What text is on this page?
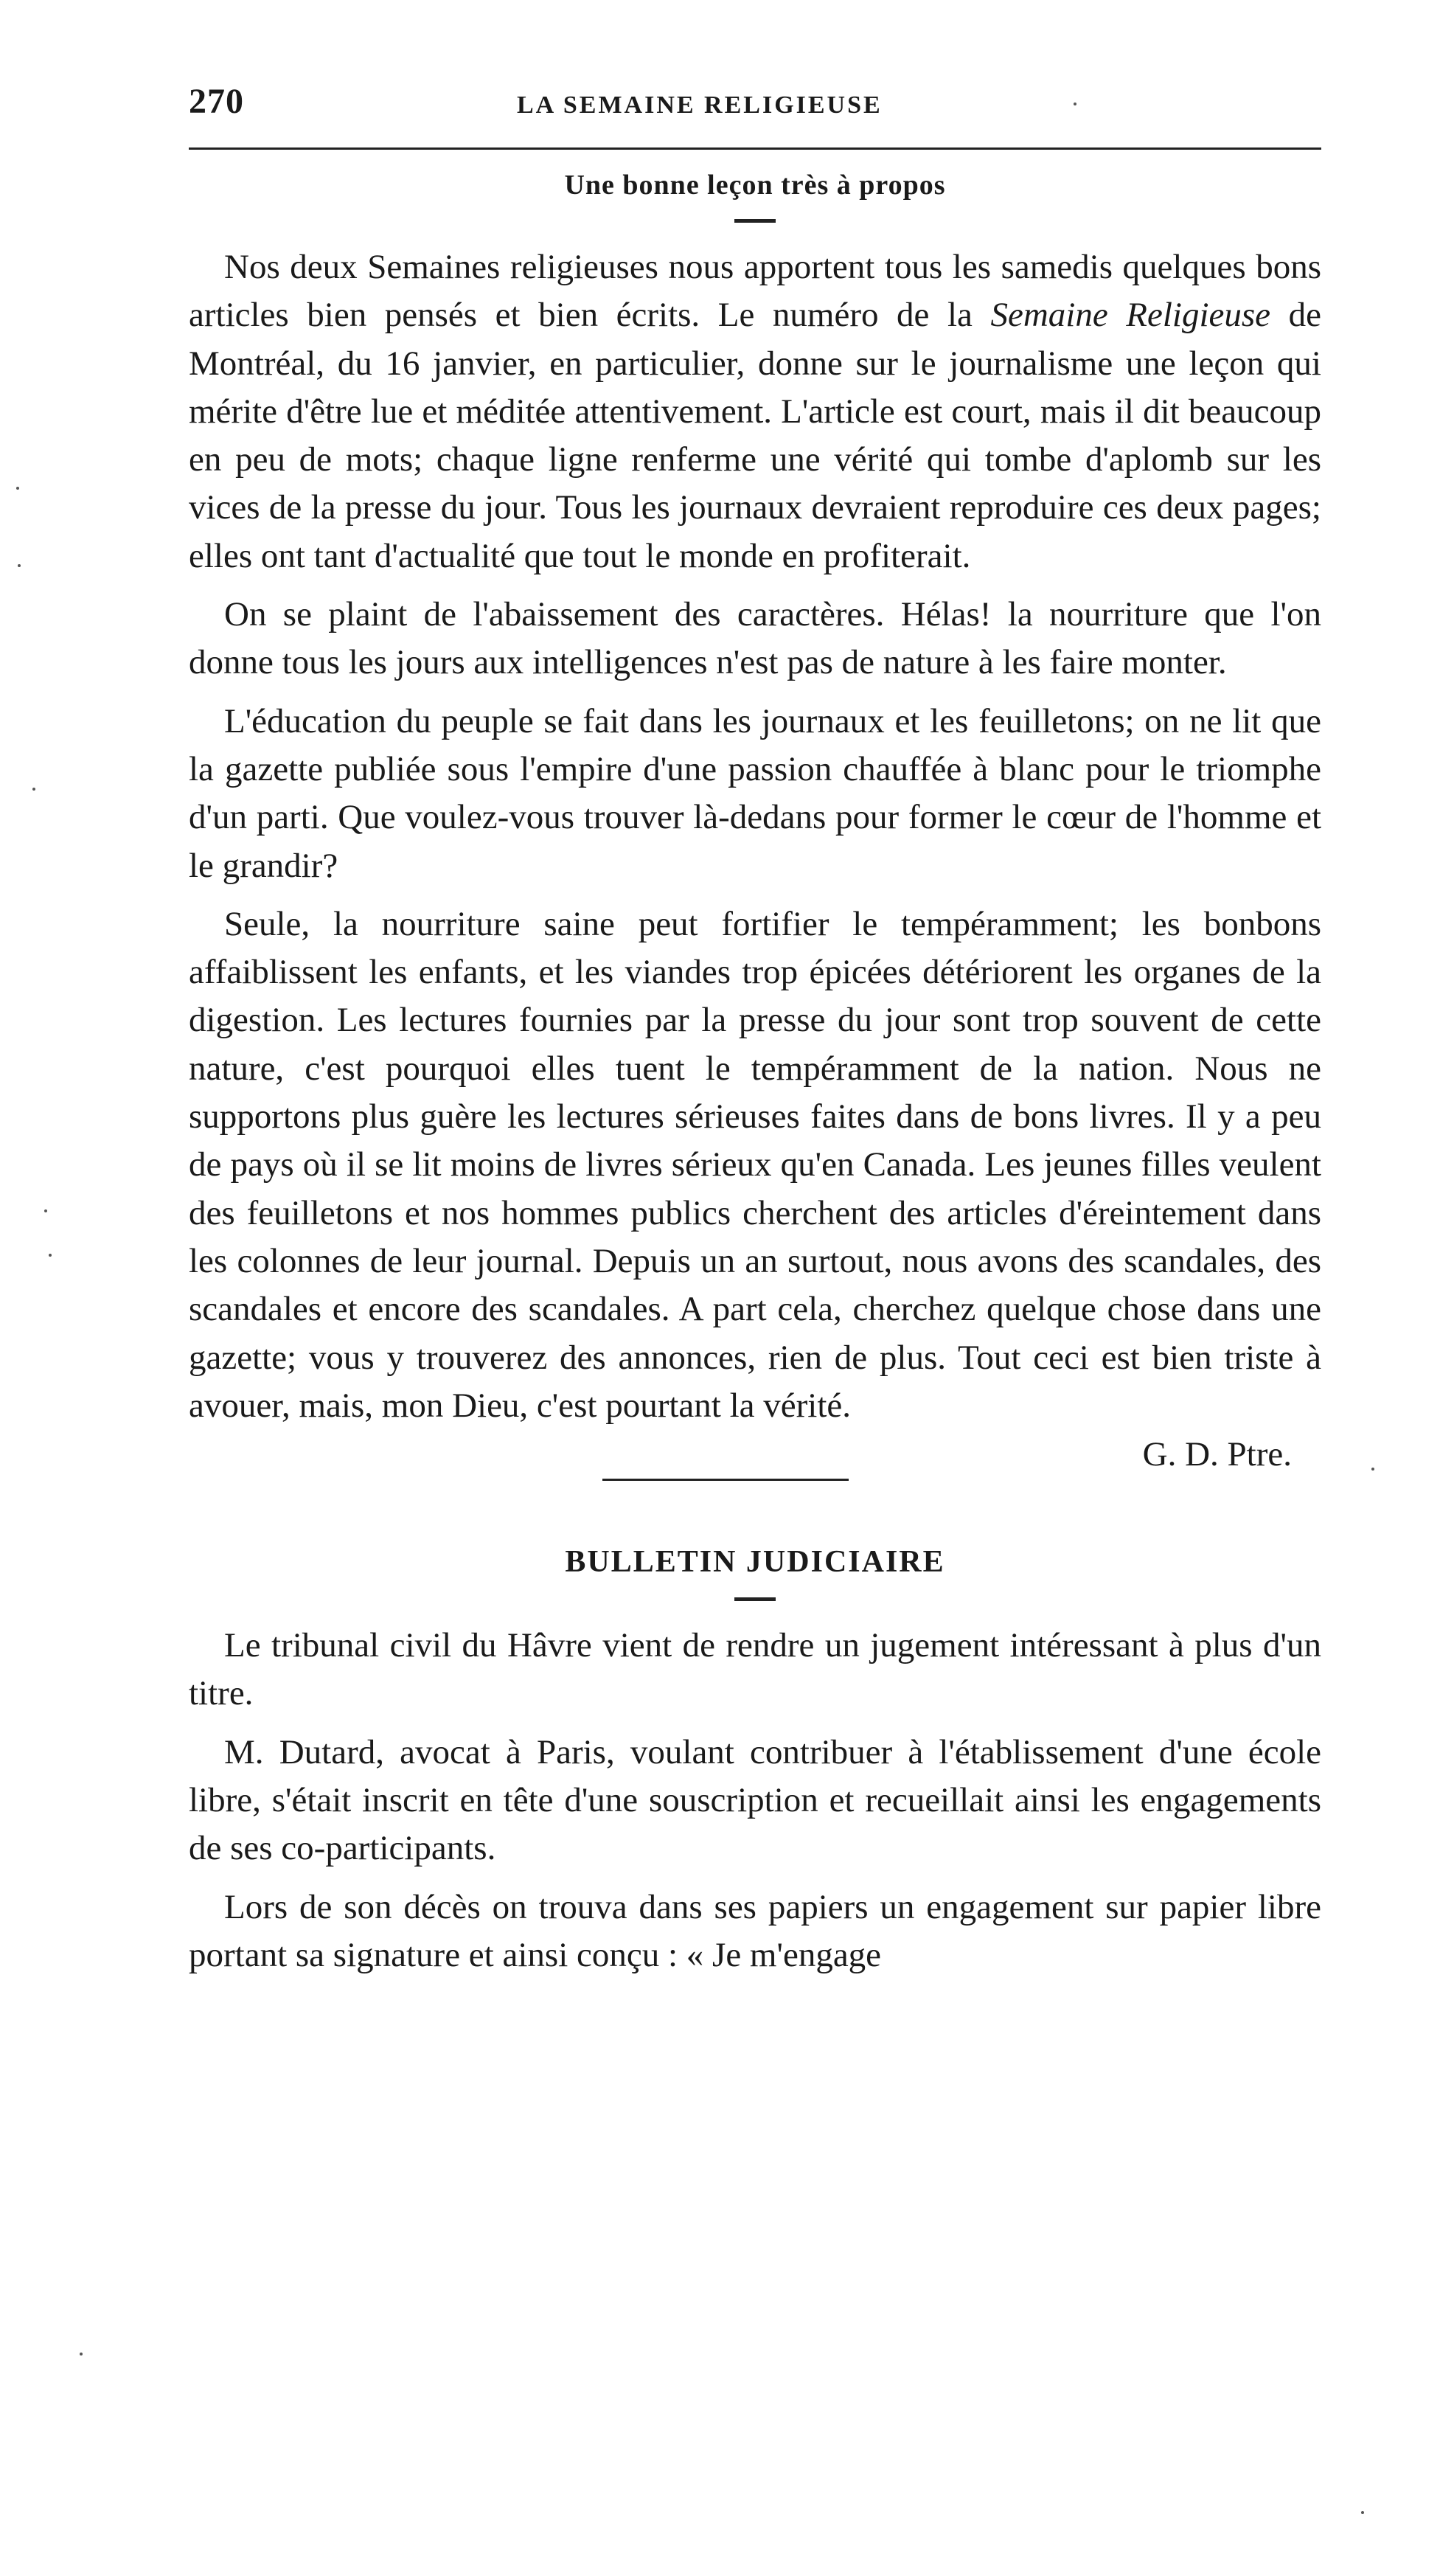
270	LA SEMAINE RELIGIEUSE
Une bonne leçon très à propos

Nos deux Semaines religieuses nous apportent tous les samedis quelques bons articles bien pensés et bien écrits. Le numéro de la Semaine Religieuse de Montréal, du 16 janvier, en particulier, donne sur le journalisme une leçon qui mérite d'être lue et méditée attentivement. L'article est court, mais il dit beaucoup en peu de mots; chaque ligne renferme une vérité qui tombe d'aplomb sur les vices de la presse du jour. Tous les journaux devraient reproduire ces deux pages; elles ont tant d'actualité que tout le monde en profiterait.

On se plaint de l'abaissement des caractères. Hélas! la nourriture que l'on donne tous les jours aux intelligences n'est pas de nature à les faire monter.

L'éducation du peuple se fait dans les journaux et les feuilletons; on ne lit que la gazette publiée sous l'empire d'une passion chauffée à blanc pour le triomphe d'un parti. Que voulez-vous trouver là-dedans pour former le cœur de l'homme et le grandir?

Seule, la nourriture saine peut fortifier le tempéramment; les bonbons affaiblissent les enfants, et les viandes trop épicées détériorent les organes de la digestion. Les lectures fournies par la presse du jour sont trop souvent de cette nature, c'est pourquoi elles tuent le tempéramment de la nation. Nous ne supportons plus guère les lectures sérieuses faites dans de bons livres. Il y a peu de pays où il se lit moins de livres sérieux qu'en Canada. Les jeunes filles veulent des feuilletons et nos hommes publics cherchent des articles d'éreintement dans les colonnes de leur journal. Depuis un an surtout, nous avons des scandales, des scandales et encore des scandales. A part cela, cherchez quelque chose dans une gazette; vous y trouverez des annonces, rien de plus. Tout ceci est bien triste à avouer, mais, mon Dieu, c'est pourtant la vérité.

G. D. Ptre.
BULLETIN JUDICIAIRE

Le tribunal civil du Hâvre vient de rendre un jugement intéressant à plus d'un titre.

M. Dutard, avocat à Paris, voulant contribuer à l'établissement d'une école libre, s'était inscrit en tête d'une souscription et recueillait ainsi les engagements de ses co-participants.

Lors de son décès on trouva dans ses papiers un engagement sur papier libre portant sa signature et ainsi conçu : « Je m'engage
